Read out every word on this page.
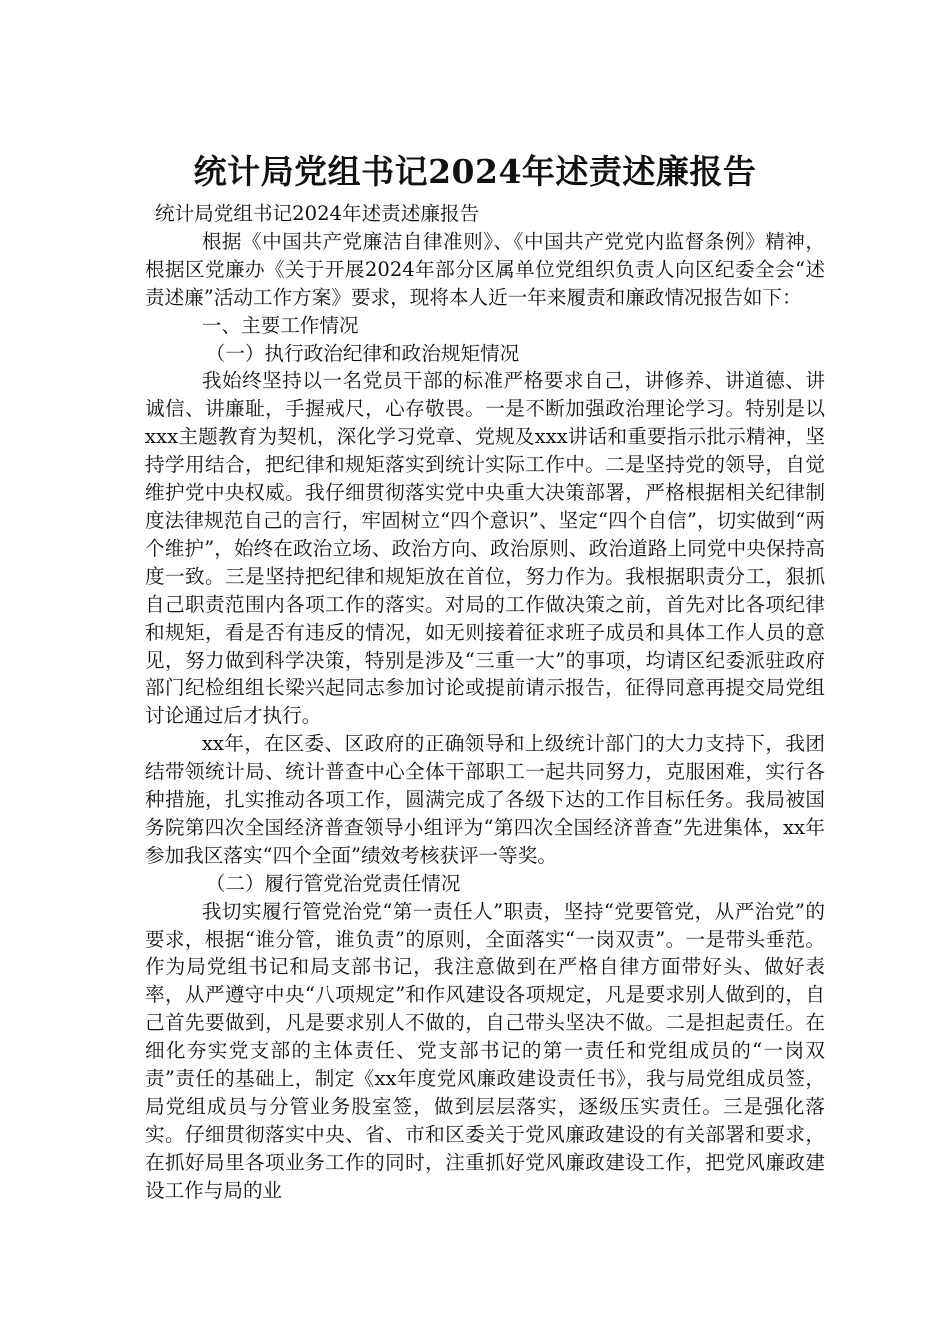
统计局党组书记2024年述责述廉报告

统计局党组书记2024年述责述廉报告

根据《中国共产党廉洁自律准则》、《中国共产党党内监督条例》精神，根据区党廉办《关于开展2024年部分区属单位党组织负责人向区纪委全会“述责述廉”活动工作方案》要求，现将本人近一年来履责和廉政情况报告如下：

一、主要工作情况

（一）执行政治纪律和政治规矩情况

我始终坚持以一名党员干部的标准严格要求自己，讲修养、讲道德、讲诚信、讲廉耻，手握戒尺，心存敬畏。一是不断加强政治理论学习。特别是以xxx主题教育为契机，深化学习党章、党规及xxx讲话和重要指示批示精神，坚持学用结合，把纪律和规矩落实到统计实际工作中。二是坚持党的领导，自觉维护党中央权威。我仔细贯彻落实党中央重大决策部署，严格根据相关纪律制度法律规范自己的言行，牢固树立“四个意识”、坚定“四个自信”，切实做到“两个维护”，始终在政治立场、政治方向、政治原则、政治道路上同党中央保持高度一致。三是坚持把纪律和规矩放在首位，努力作为。我根据职责分工，狠抓自己职责范围内各项工作的落实。对局的工作做决策之前，首先对比各项纪律和规矩，看是否有违反的情况，如无则接着征求班子成员和具体工作人员的意见，努力做到科学决策，特别是涉及“三重一大”的事项，均请区纪委派驻政府部门纪检组组长梁兴起同志参加讨论或提前请示报告，征得同意再提交局党组讨论通过后才执行。

xx年，在区委、区政府的正确领导和上级统计部门的大力支持下，我团结带领统计局、统计普查中心全体干部职工一起共同努力，克服困难，实行各种措施，扎实推动各项工作，圆满完成了各级下达的工作目标任务。我局被国务院第四次全国经济普查领导小组评为“第四次全国经济普查”先进集体，xx年参加我区落实“四个全面”绩效考核获评一等奖。

（二）履行管党治党责任情况

我切实履行管党治党“第一责任人”职责，坚持“党要管党，从严治党”的要求，根据“谁分管，谁负责”的原则，全面落实“一岗双责”。一是带头垂范。作为局党组书记和局支部书记，我注意做到在严格自律方面带好头、做好表率，从严遵守中央“八项规定”和作风建设各项规定，凡是要求别人做到的，自己首先要做到，凡是要求别人不做的，自己带头坚决不做。二是担起责任。在细化夯实党支部的主体责任、党支部书记的第一责任和党组成员的“一岗双责”责任的基础上，制定《xx年度党风廉政建设责任书》，我与局党组成员签，局党组成员与分管业务股室签，做到层层落实，逐级压实责任。三是强化落实。仔细贯彻落实中央、省、市和区委关于党风廉政建设的有关部署和要求，在抓好局里各项业务工作的同时，注重抓好党风廉政建设工作，把党风廉政建设工作与局的业
